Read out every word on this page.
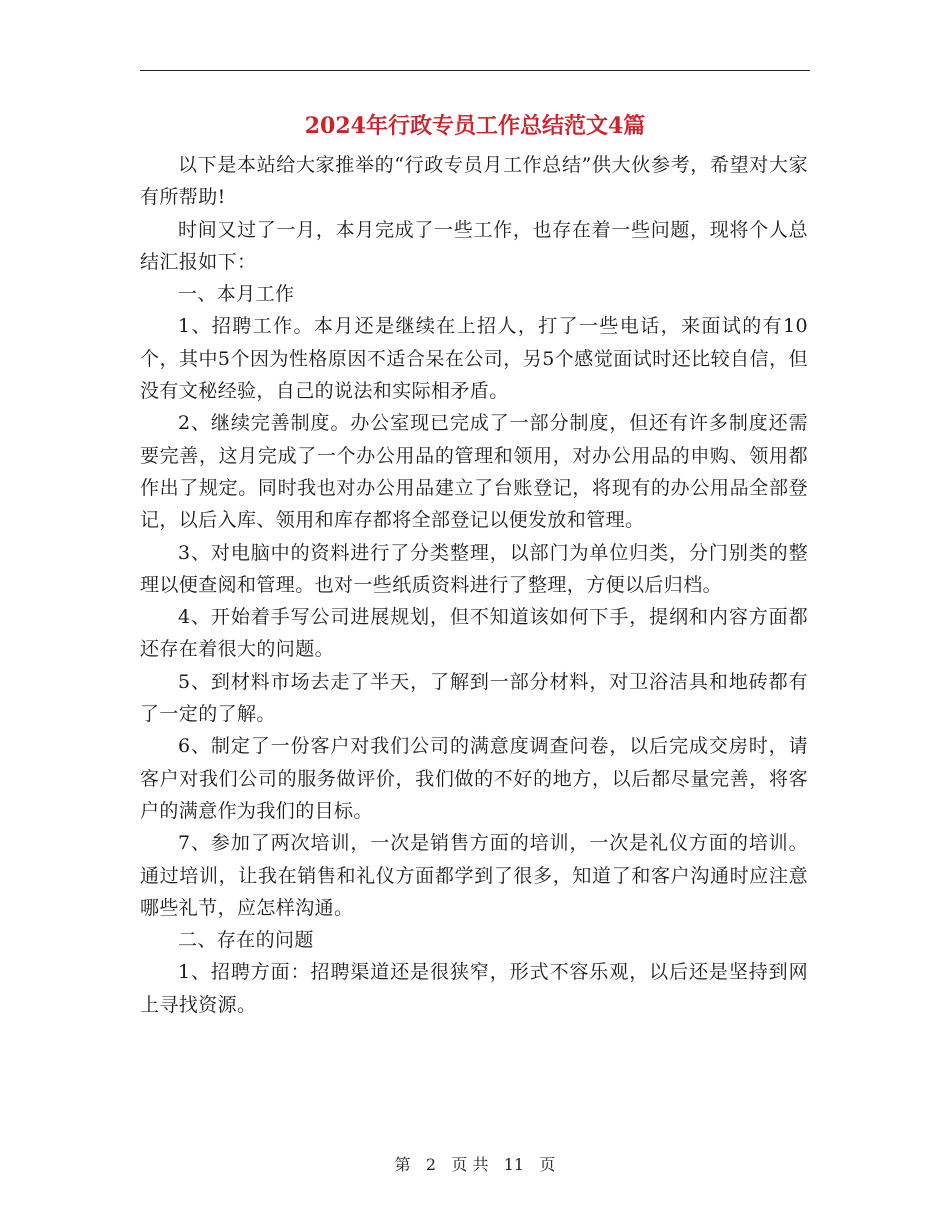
2024年行政专员工作总结范文4篇

以下是本站给大家推举的“行政专员月工作总结”供大伙参考，希望对大家有所帮助!

时间又过了一月，本月完成了一些工作，也存在着一些问题，现将个人总结汇报如下：

一、本月工作

1、招聘工作。本月还是继续在上招人，打了一些电话，来面试的有10个，其中5个因为性格原因不适合呆在公司，另5个感觉面试时还比较自信，但没有文秘经验，自己的说法和实际相矛盾。

2、继续完善制度。办公室现已完成了一部分制度，但还有许多制度还需要完善，这月完成了一个办公用品的管理和领用，对办公用品的申购、领用都作出了规定。同时我也对办公用品建立了台账登记，将现有的办公用品全部登记，以后入库、领用和库存都将全部登记以便发放和管理。

3、对电脑中的资料进行了分类整理，以部门为单位归类，分门别类的整理以便查阅和管理。也对一些纸质资料进行了整理，方便以后归档。

4、开始着手写公司进展规划，但不知道该如何下手，提纲和内容方面都还存在着很大的问题。

5、到材料市场去走了半天，了解到一部分材料，对卫浴洁具和地砖都有了一定的了解。

6、制定了一份客户对我们公司的满意度调查问卷，以后完成交房时，请客户对我们公司的服务做评价，我们做的不好的地方，以后都尽量完善，将客户的满意作为我们的目标。

7、参加了两次培训，一次是销售方面的培训，一次是礼仪方面的培训。通过培训，让我在销售和礼仪方面都学到了很多，知道了和客户沟通时应注意哪些礼节，应怎样沟通。

二、存在的问题

1、招聘方面：招聘渠道还是很狭窄，形式不容乐观，以后还是坚持到网上寻找资源。

第 2 页 共 11 页
